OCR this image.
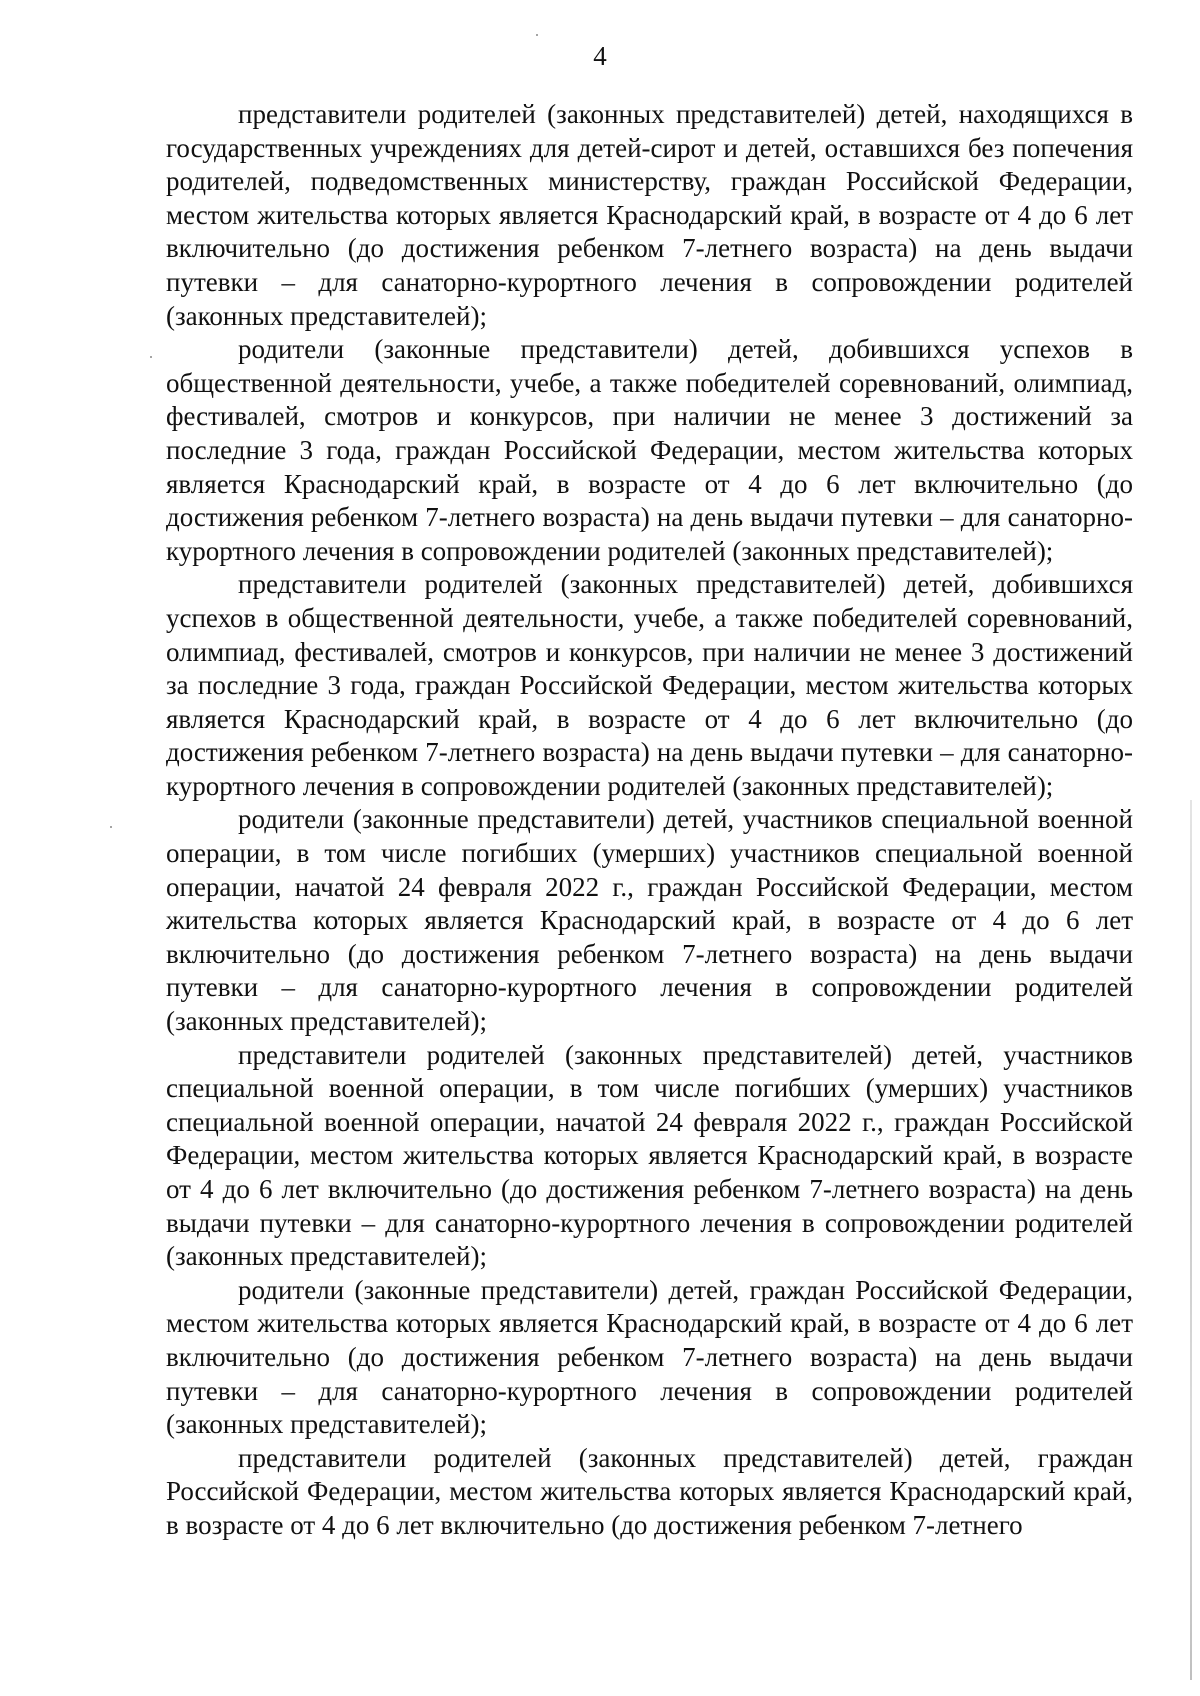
4

представители родителей (законных представителей) детей, находящихся в государственных учреждениях для детей-сирот и детей, оставшихся без попечения родителей, подведомственных министерству, граждан Российской Федерации, местом жительства которых является Краснодарский край, в возрасте от 4 до 6 лет включительно (до достижения ребенком 7-летнего возраста) на день выдачи путевки – для санаторно-курортного лечения в сопровождении родителей (законных представителей);

родители (законные представители) детей, добившихся успехов в общественной деятельности, учебе, а также победителей соревнований, олимпиад, фестивалей, смотров и конкурсов, при наличии не менее 3 достижений за последние 3 года, граждан Российской Федерации, местом жительства которых является Краснодарский край, в возрасте от 4 до 6 лет включительно (до достижения ребенком 7-летнего возраста) на день выдачи путевки – для санаторно-курортного лечения в сопровождении родителей (законных представителей);

представители родителей (законных представителей) детей, добившихся успехов в общественной деятельности, учебе, а также победителей соревнований, олимпиад, фестивалей, смотров и конкурсов, при наличии не менее 3 достижений за последние 3 года, граждан Российской Федерации, местом жительства которых является Краснодарский край, в возрасте от 4 до 6 лет включительно (до достижения ребенком 7-летнего возраста) на день выдачи путевки – для санаторно-курортного лечения в сопровождении родителей (законных представителей);

родители (законные представители) детей, участников специальной военной операции, в том числе погибших (умерших) участников специальной военной операции, начатой 24 февраля 2022 г., граждан Российской Федерации, местом жительства которых является Краснодарский край, в возрасте от 4 до 6 лет включительно (до достижения ребенком 7-летнего возраста) на день выдачи путевки – для санаторно-курортного лечения в сопровождении родителей (законных представителей);

представители родителей (законных представителей) детей, участников специальной военной операции, в том числе погибших (умерших) участников специальной военной операции, начатой 24 февраля 2022 г., граждан Российской Федерации, местом жительства которых является Краснодарский край, в возрасте от 4 до 6 лет включительно (до достижения ребенком 7-летнего возраста) на день выдачи путевки – для санаторно-курортного лечения в сопровождении родителей (законных представителей);

родители (законные представители) детей, граждан Российской Федерации, местом жительства которых является Краснодарский край, в возрасте от 4 до 6 лет включительно (до достижения ребенком 7-летнего возраста) на день выдачи путевки – для санаторно-курортного лечения в сопровождении родителей (законных представителей);

представители родителей (законных представителей) детей, граждан Российской Федерации, местом жительства которых является Краснодарский край, в возрасте от 4 до 6 лет включительно (до достижения ребенком 7-летнего
